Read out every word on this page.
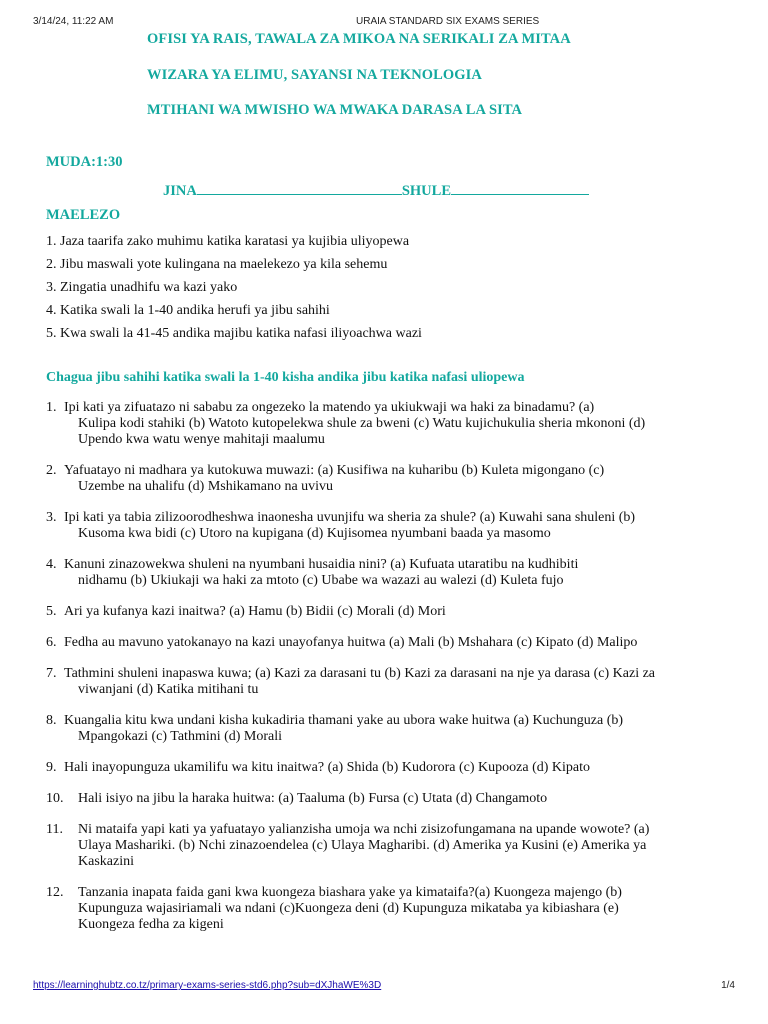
3/14/24, 11:22 AM	URAIA STANDARD SIX EXAMS SERIES
OFISI YA RAIS, TAWALA ZA MIKOA NA SERIKALI ZA MITAA
WIZARA YA ELIMU, SAYANSI NA TEKNOLOGIA
MTIHANI WA MWISHO WA MWAKA DARASA LA SITA
MUDA:1:30
JINA	SHULE
MAELEZO
1. Jaza taarifa zako muhimu katika karatasi ya kujibia uliyopewa
2. Jibu maswali yote kulingana na maelekezo ya kila sehemu
3. Zingatia unadhifu wa kazi yako
4. Katika swali la 1-40 andika herufi ya jibu sahihi
5. Kwa swali la 41-45 andika majibu katika nafasi iliyoachwa wazi
Chagua jibu sahihi katika swali la 1-40 kisha andika jibu katika nafasi uliopewa
1. Ipi kati ya zifuatazo ni sababu za ongezeko la matendo ya ukiukwaji wa haki za binadamu? (a)
Kulipa kodi stahiki (b) Watoto kutopelekwa shule za bweni (c) Watu kujichukulia sheria mkononi (d)
Upendo kwa watu wenye mahitaji maalumu
2. Yafuatayo ni madhara ya kutokuwa muwazi: (a) Kusifiwa na kuharibu (b) Kuleta migongano (c)
Uzembe na uhalifu (d) Mshikamano na uvivu
3. Ipi kati ya tabia zilizoorodheshwa inaonesha uvunjifu wa sheria za shule? (a) Kuwahi sana shuleni (b)
Kusoma kwa bidi (c) Utoro na kupigana (d) Kujisomea nyumbani baada ya masomo
4. Kanuni zinazowekwa shuleni na nyumbani husaidia nini? (a) Kufuata utaratibu na kudhibiti
nidhamu (b) Ukiukaji wa haki za mtoto (c) Ubabe wa wazazi au walezi (d) Kuleta fujo
5. Ari ya kufanya kazi inaitwa? (a) Hamu (b) Bidii (c) Morali (d) Mori
6. Fedha au mavuno yatokanayo na kazi unayofanya huitwa (a) Mali (b) Mshahara (c) Kipato (d) Malipo
7. Tathmini shuleni inapaswa kuwa; (a) Kazi za darasani tu (b) Kazi za darasani na nje ya darasa (c) Kazi za
viwanjani (d) Katika mitihani tu
8. Kuangalia kitu kwa undani kisha kukadiria thamani yake au ubora wake huitwa (a) Kuchunguza (b)
Mpangokazi (c) Tathmini (d) Morali
9. Hali inayopunguza ukamilifu wa kitu inaitwa? (a) Shida (b) Kudorora (c) Kupooza (d) Kipato
10. Hali isiyo na jibu la haraka huitwa: (a) Taaluma (b) Fursa (c) Utata (d) Changamoto
11. Ni mataifa yapi kati ya yafuatayo yalianzisha umoja wa nchi zisizofungamana na upande wowote? (a)
Ulaya Mashariki. (b) Nchi zinazoendelea (c) Ulaya Magharibi. (d) Amerika ya Kusini (e) Amerika ya
Kaskazini
12. Tanzania inapata faida gani kwa kuongeza biashara yake ya kimataifa?(a) Kuongeza majengo (b)
Kupunguza wajasiriamali wa ndani (c)Kuongeza deni (d) Kupunguza mikataba ya kibiashara (e)
Kuongeza fedha za kigeni
https://learninghubtz.co.tz/primary-exams-series-std6.php?sub=dXJhaWE%3D	1/4
